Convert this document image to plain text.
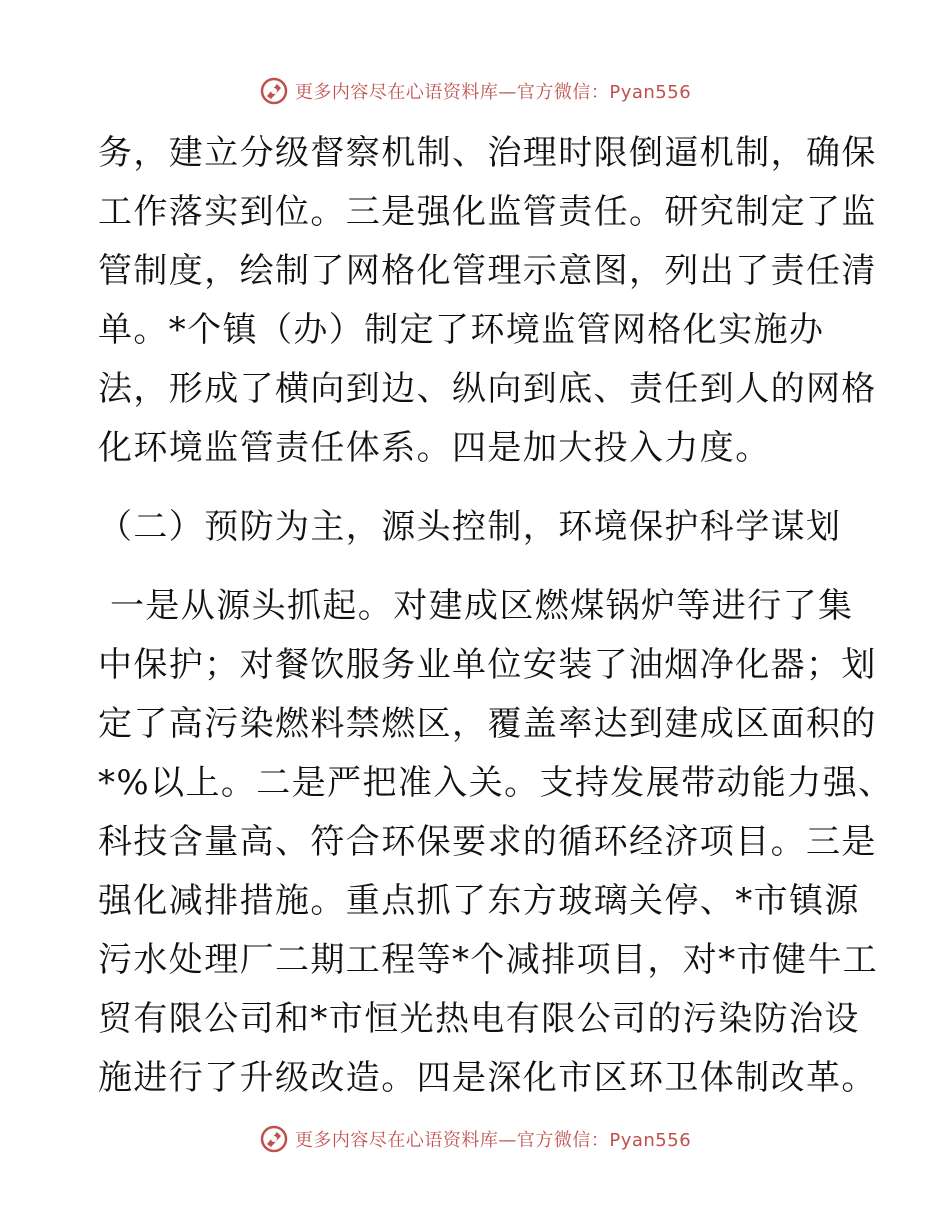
更多内容尽在心语资料库—官方微信：Pyan556
务，建立分级督察机制、治理时限倒逼机制，确保
工作落实到位。三是强化监管责任。研究制定了监
管制度，绘制了网格化管理示意图，列出了责任清
单。*个镇（办）制定了环境监管网格化实施办
法，形成了横向到边、纵向到底、责任到人的网格
化环境监管责任体系。四是加大投入力度。
（二）预防为主，源头控制，环境保护科学谋划
一是从源头抓起。对建成区燃煤锅炉等进行了集
中保护；对餐饮服务业单位安装了油烟净化器；划
定了高污染燃料禁燃区，覆盖率达到建成区面积的
*%以上。二是严把准入关。支持发展带动能力强、
科技含量高、符合环保要求的循环经济项目。三是
强化减排措施。重点抓了东方玻璃关停、*市镇源
污水处理厂二期工程等*个减排项目，对*市健牛工
贸有限公司和*市恒光热电有限公司的污染防治设
施进行了升级改造。四是深化市区环卫体制改革。
更多内容尽在心语资料库—官方微信：Pyan556
